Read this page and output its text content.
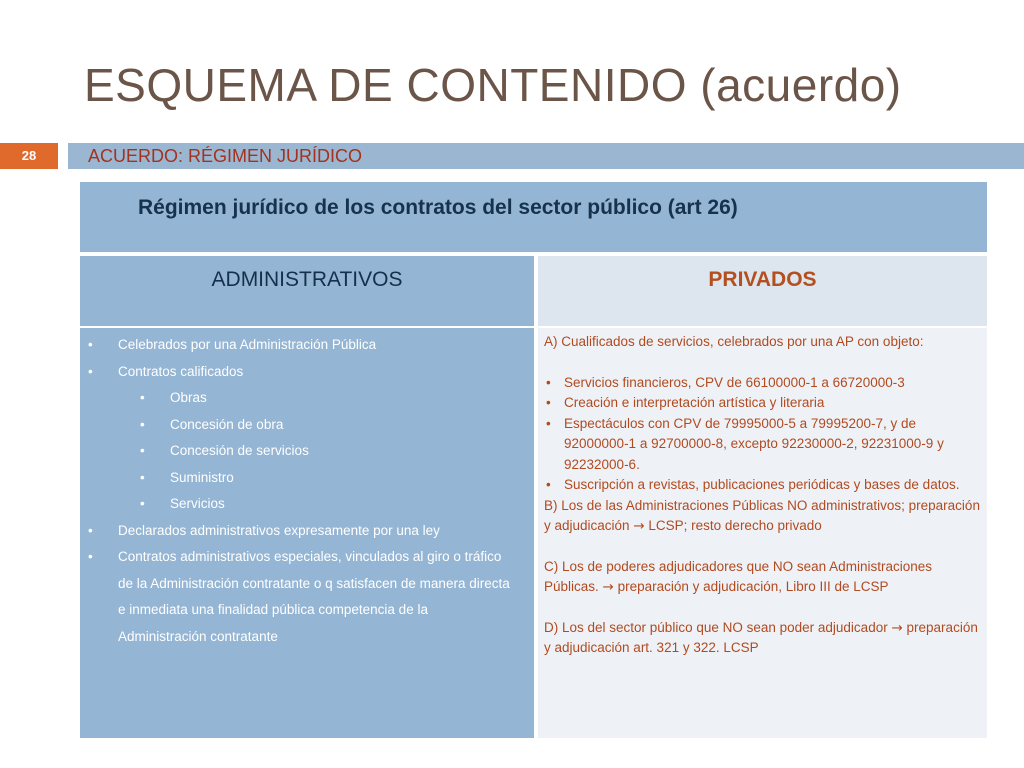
ESQUEMA DE CONTENIDO (acuerdo)
28	ACUERDO: RÉGIMEN JURÍDICO
Régimen jurídico de los contratos del sector público (art 26)
ADMINISTRATIVOS	PRIVADOS
• Celebrados por una Administración Pública
• Contratos calificados
• Obras
• Concesión de obra
• Concesión de servicios
• Suministro
• Servicios
• Declarados administrativos expresamente por una ley
• Contratos administrativos especiales, vinculados al giro o tráfico de la Administración contratante o q satisfacen de manera directa e inmediata una finalidad pública competencia de la Administración contratante

A) Cualificados de servicios, celebrados por una AP con objeto:

• Servicios financieros, CPV de 66100000-1 a 66720000-3
• Creación e interpretación artística y literaria
• Espectáculos con CPV de 79995000-5 a 79995200-7, y de 92000000-1 a 92700000-8, excepto 92230000-2, 92231000-9 y 92232000-6.
• Suscripción a revistas, publicaciones periódicas y bases de datos.

B) Los de las Administraciones Públicas NO administrativos; preparación y adjudicación → LCSP; resto derecho privado

C) Los de poderes adjudicadores que NO sean Administraciones Públicas. → preparación y adjudicación, Libro III de LCSP

D) Los del sector público que NO sean poder adjudicador → preparación y adjudicación art. 321 y 322. LCSP
